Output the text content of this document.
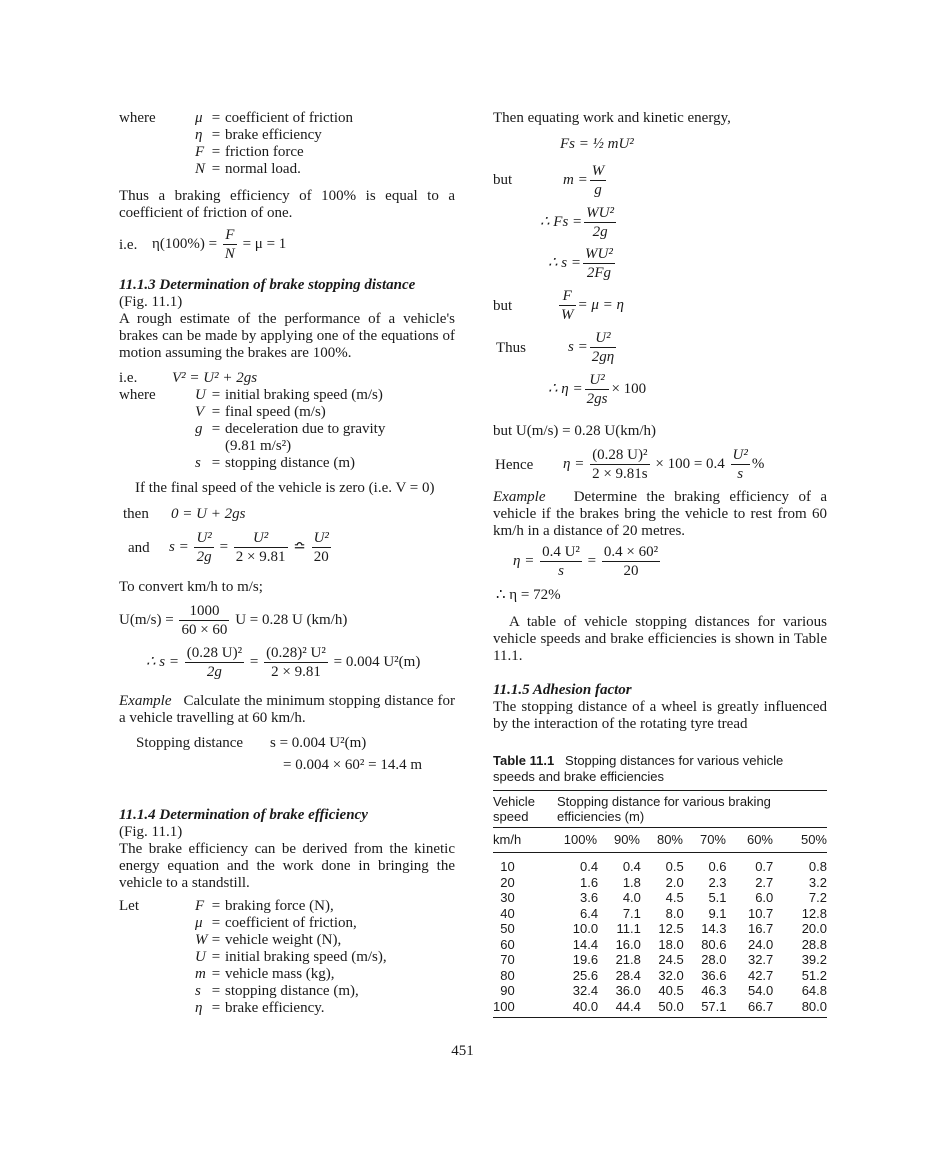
where	μ = coefficient of friction
η = brake efficiency
F = friction force
N = normal load.

Thus a braking efficiency of 100% is equal to a coefficient of friction of one.

i.e. $\eta(100\%) = \frac{F}{N} = \mu = 1$

11.1.3 Determination of brake stopping distance

(Fig. 11.1)

A rough estimate of the performance of a vehicle's brakes can be made by applying one of the equations of motion assuming the brakes are 100%.

i.e. V² = U² + 2gs
where	U = initial braking speed (m/s)
V = final speed (m/s)
g = deceleration due to gravity
(9.81 m/s²)
s = stopping distance (m)

If the final speed of the vehicle is zero (i.e. V = 0)

then 0 = U + 2gs
and $s = \frac{\text{U²}}{2g} = \frac{\text{U²}}{2 \times 9.81}$ ≏ $\frac{\text{U²}}{20}$

To convert km/h to m/s;

$U(m/s) = \frac{1000}{60 \times 60}$ U = 0.28 U (km/h)
∴ $s = \frac{\text{(0.28 U)²}}{2g} = \frac{\text{(0.28)² U²}}{2 \times 9.81} = 0.004$ U²(m)

Example Calculate the minimum stopping distance for a vehicle travelling at 60 km/h.

Stopping distance s = 0.004 U²(m)
= 0.004 × 60² = 14.4 m

11.1.4 Determination of brake efficiency

(Fig. 11.1)

The brake efficiency can be derived from the kinetic energy equation and the work done in bringing the vehicle to a standstill.

Let	F = braking force (N),
μ = coefficient of friction,
W = vehicle weight (N),
U = initial braking speed (m/s),
m = vehicle mass (kg),
s = stopping distance (m),
η = brake efficiency.

Then equating work and kinetic energy,

Fs = ½ mU²
but	$m = \frac{W}{g}$
∴ $Fs = \frac{\text{WU²}}{2g}$
∴ $s = \frac{\text{WU²}}{2Fg}$
but	$\frac{F}{W} = \mu = \eta$
Thus	$s = \frac{\text{U²}}{2g\eta}$
∴ $\eta = \frac{\text{U²}}{2gs} \times 100$

but U(m/s) = 0.28 U(km/h)

Hence $\eta = \frac{\text{(0.28 U)²}}{2 \times 9.81s} \times 100 = 0.4 \frac{\text{U²}}{s}$ %

Example Determine the braking efficiency of a vehicle if the brakes bring the vehicle to rest from 60 km/h in a distance of 20 metres.

$\eta = \frac{\text{0.4 U²}}{s} = \frac{\text{0.4 × 60²}}{20}$

∴ η = 72%

A table of vehicle stopping distances for various vehicle speeds and brake efficiencies is shown in Table 11.1.

11.1.5 Adhesion factor

The stopping distance of a wheel is greatly influenced by the interaction of the rotating tyre tread

Table 11.1 Stopping distances for various vehicle speeds and brake efficiencies

Vehicle speed	Stopping distance for various braking efficiencies (m)
km/h	100%	90%	80%	70%	60%	50%
10	0.4	0.4	0.5	0.6	0.7	0.8
20	1.6	1.8	2.0	2.3	2.7	3.2
30	3.6	4.0	4.5	5.1	6.0	7.2
40	6.4	7.1	8.0	9.1	10.7	12.8
50	10.0	11.1	12.5	14.3	16.7	20.0
60	14.4	16.0	18.0	80.6	24.0	28.8
70	19.6	21.8	24.5	28.0	32.7	39.2
80	25.6	28.4	32.0	36.6	42.7	51.2
90	32.4	36.0	40.5	46.3	54.0	64.8
100	40.0	44.4	50.0	57.1	66.7	80.0
451
